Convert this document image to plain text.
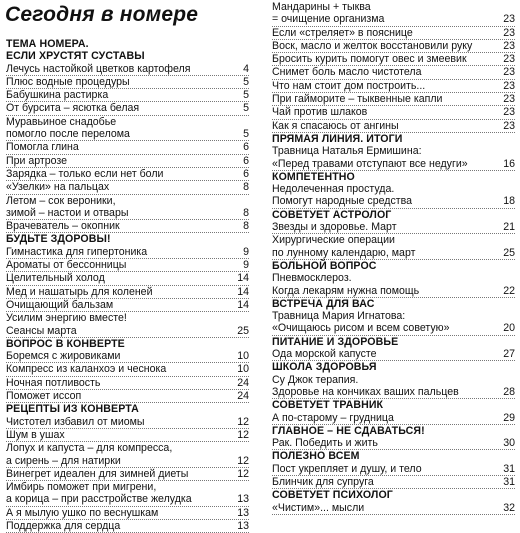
Сегодня в номере
ТЕМА НОМЕРА.
ЕСЛИ ХРУСТЯТ СУСТАВЫ
Лечусь настойкой цветков картофеля	4
Плюс водные процедуры	5
Бабушкина растирка	5
От бурсита – ясютка белая	5
Муравьиное снадобье
помогло после перелома	5
Помогла глина	6
При артрозе	6
Зарядка – только если нет боли	6
«Узелки» на пальцах	8
Летом – сок вероники,
зимой – настои и отвары	8
Врачеватель – окопник	8
БУДЬТЕ ЗДОРОВЫ!
Гимнастика для гипертоника	9
Ароматы от бессонницы	9
Целительный холод	14
Мед и нашатырь для коленей	14
Очищающий бальзам	14
Усилим энергию вместе!
Сеансы марта	25
ВОПРОС В КОНВЕРТЕ
Боремся с жировиками	10
Компресс из каланхоэ и чеснока	10
Ночная потливость	24
Поможет иссоп	24
РЕЦЕПТЫ ИЗ КОНВЕРТА
Чистотел избавил от миомы	12
Шум в ушах	12
Лопух и капуста – для компресса,
а сирень – для натирки	12
Винегрет идеален для зимней диеты	12
Имбирь поможет при мигрени,
а корица – при расстройстве желудка	13
А я мылую ушко по веснушкам	13
Поддержка для сердца	13
Мандарины + тыква
= очищение организма	23
Если «стреляет» в пояснице	23
Воск, масло и желток восстановили руку	23
Бросить курить помогут овес и змеевик	23
Снимет боль масло чистотела	23
Что нам стоит дом построить...	23
При гайморите – тыквенные капли	23
Чай против шлаков	23
Как я спасаюсь от ангины	23
ПРЯМАЯ ЛИНИЯ. ИТОГИ
Травница Наталья Ермишина:
«Перед травами отступают все недуги»	16
КОМПЕТЕНТНО
Недолеченная простуда.
Помогут народные средства	18
СОВЕТУЕТ АСТРОЛОГ
Звезды и здоровье. Март	21
Хирургические операции
по лунному календарю, март	25
БОЛЬНОЙ ВОПРОС
Пневмосклероз.
Когда лекарям нужна помощь	22
ВСТРЕЧА ДЛЯ ВАС
Травница Мария Игнатова:
«Очищаюсь рисом и всем советую»	20
ПИТАНИЕ И ЗДОРОВЬЕ
Ода морской капусте	27
ШКОЛА ЗДОРОВЬЯ
Су Джок терапия.
Здоровье на кончиках ваших пальцев	28
СОВЕТУЕТ ТРАВНИК
А по-старому – грудница	29
ГЛАВНОЕ – НЕ СДАВАТЬСЯ!
Рак. Победить и жить	30
ПОЛЕЗНО ВСЕМ
Пост укрепляет и душу, и тело	31
Блинчик для супруга	31
СОВЕТУЕТ ПСИХОЛОГ
«Чистим»... мысли	32
